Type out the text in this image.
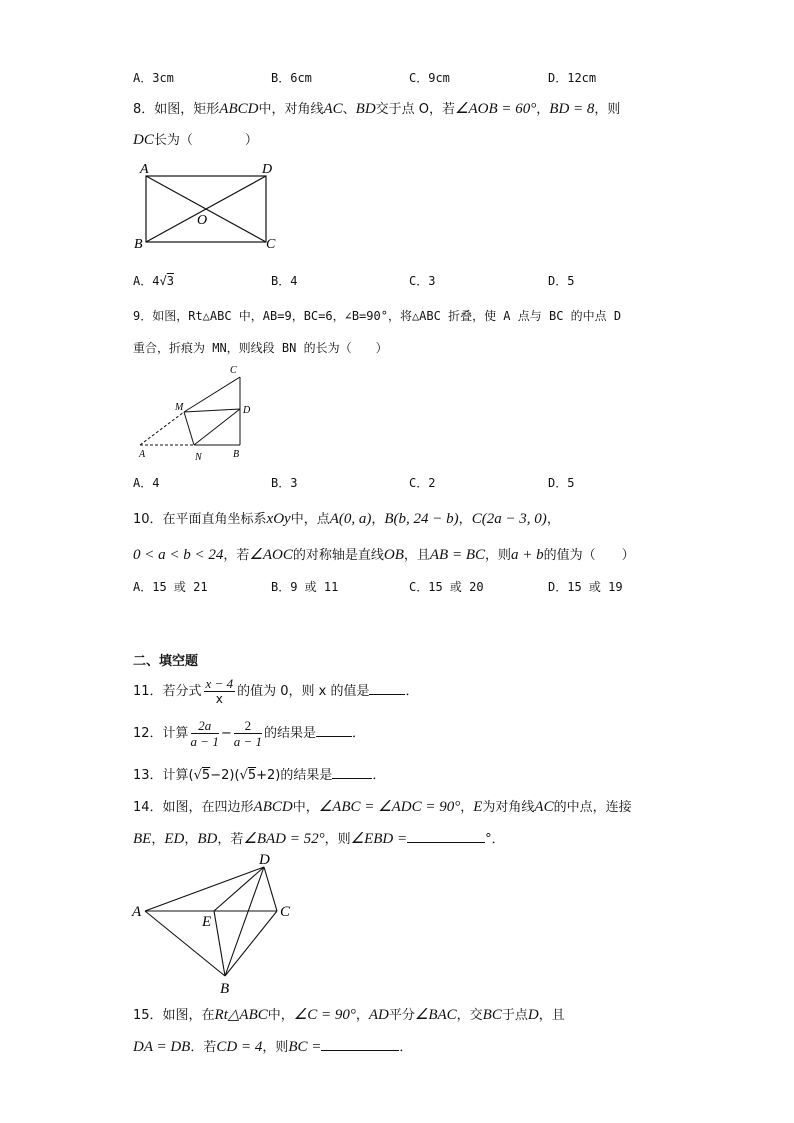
A．3cm	B．6cm	C．9cm	D．12cm
8．如图，矩形ABCD中，对角线AC、BD交于点 O，若∠AOB = 60°，BD = 8，则
DC长为（　　　　）
A	D
O
B	C
A．4√3	B．4	C．3	D．5
9．如图，Rt△ABC 中，AB=9，BC=6，∠B=90°，将△ABC 折叠，使 A 点与 BC 的中点 D
重合，折痕为 MN，则线段 BN 的长为（　　）
C
M	D
A	N	B
A．4	B．3	C．2	D．5
10．在平面直角坐标系xOy中，点A(0, a)，B(b, 24 − b)，C(2a − 3, 0)，
0 < a < b < 24，若∠AOC的对称轴是直线OB，且AB = BC，则a + b的值为（　　）
A．15 或 21	B．9 或 11	C．15 或 20	D．15 或 19
二、填空题
11．若分式 $\frac{x - 4}{x}$ 的值为 0，则 x 的值是	．
12．计算 $\frac{2a}{a - 1} - \frac{2}{a - 1}$ 的结果是	．
13．计算(√5−2)(√5+2)的结果是	．
14．如图，在四边形ABCD中，∠ABC = ∠ADC = 90°，E为对角线AC的中点，连接
BE，ED，BD，若∠BAD = 52°，则∠EBD =	°．
D
A
E
C
B
15．如图，在Rt△ABC中，∠C = 90°，AD平分∠BAC，交BC于点D，且
DA = DB．若CD = 4，则BC =	．
